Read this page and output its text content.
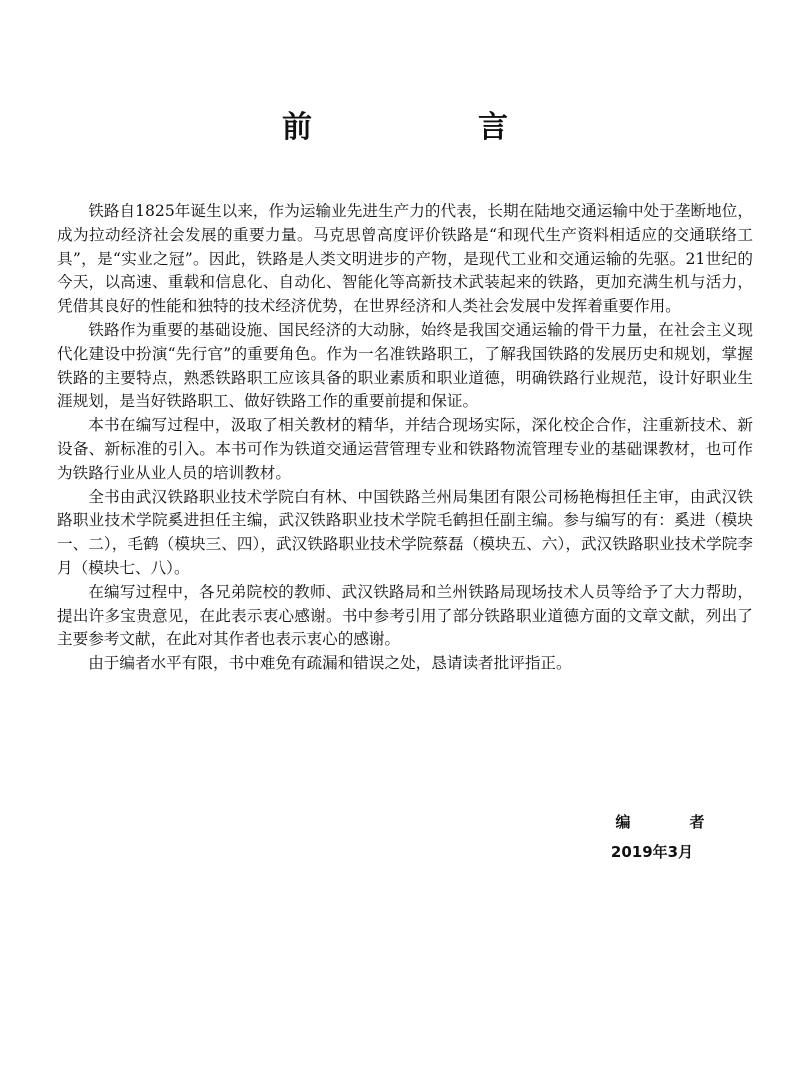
前　言

铁路自1825年诞生以来，作为运输业先进生产力的代表，长期在陆地交通运输中处于垄断地位，成为拉动经济社会发展的重要力量。马克思曾高度评价铁路是“和现代生产资料相适应的交通联络工具”，是“实业之冠”。因此，铁路是人类文明进步的产物，是现代工业和交通运输的先驱。21世纪的今天，以高速、重载和信息化、自动化、智能化等高新技术武装起来的铁路，更加充满生机与活力，凭借其良好的性能和独特的技术经济优势，在世界经济和人类社会发展中发挥着重要作用。

铁路作为重要的基础设施、国民经济的大动脉，始终是我国交通运输的骨干力量，在社会主义现代化建设中扮演“先行官”的重要角色。作为一名准铁路职工，了解我国铁路的发展历史和规划，掌握铁路的主要特点，熟悉铁路职工应该具备的职业素质和职业道德，明确铁路行业规范，设计好职业生涯规划，是当好铁路职工、做好铁路工作的重要前提和保证。

本书在编写过程中，汲取了相关教材的精华，并结合现场实际，深化校企合作，注重新技术、新设备、新标准的引入。本书可作为铁道交通运营管理专业和铁路物流管理专业的基础课教材，也可作为铁路行业从业人员的培训教材。

全书由武汉铁路职业技术学院白有林、中国铁路兰州局集团有限公司杨艳梅担任主审，由武汉铁路职业技术学院奚进担任主编，武汉铁路职业技术学院毛鹤担任副主编。参与编写的有：奚进（模块一、二），毛鹤（模块三、四），武汉铁路职业技术学院蔡磊（模块五、六），武汉铁路职业技术学院李月（模块七、八）。

在编写过程中，各兄弟院校的教师、武汉铁路局和兰州铁路局现场技术人员等给予了大力帮助，提出许多宝贵意见，在此表示衷心感谢。书中参考引用了部分铁路职业道德方面的文章文献，列出了主要参考文献，在此对其作者也表示衷心的感谢。

由于编者水平有限，书中难免有疏漏和错误之处，恳请读者批评指正。

编　者
2019年3月
